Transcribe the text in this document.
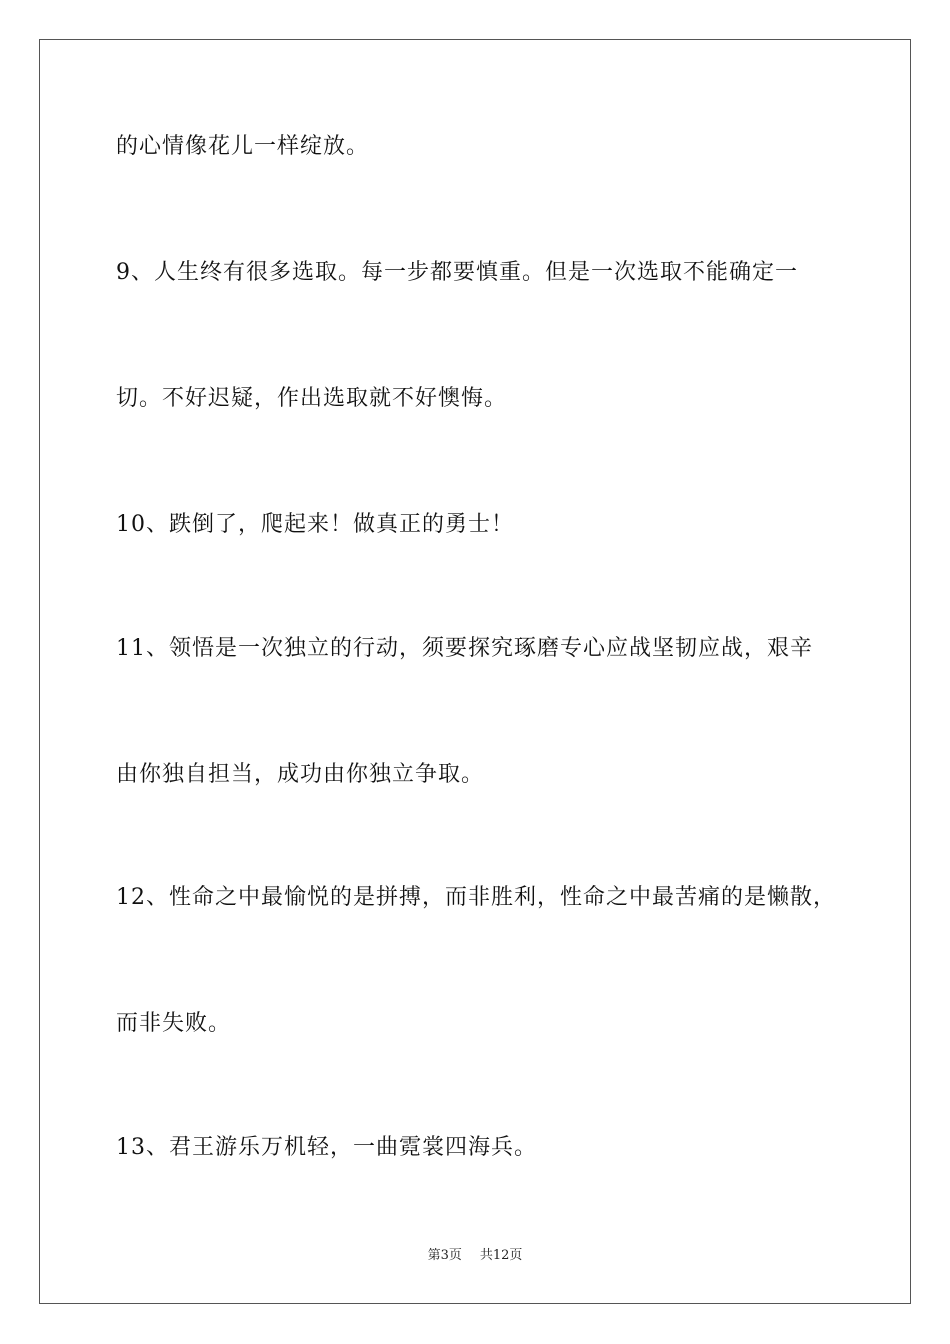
的心情像花儿一样绽放。
9、人生终有很多选取。每一步都要慎重。但是一次选取不能确定一
切。不好迟疑，作出选取就不好懊悔。
10、跌倒了，爬起来！做真正的勇士！
11、领悟是一次独立的行动，须要探究琢磨专心应战坚韧应战，艰辛
由你独自担当，成功由你独立争取。
12、性命之中最愉悦的是拼搏，而非胜利，性命之中最苦痛的是懒散，
而非失败。
13、君王游乐万机轻，一曲霓裳四海兵。
第3页 共12页
